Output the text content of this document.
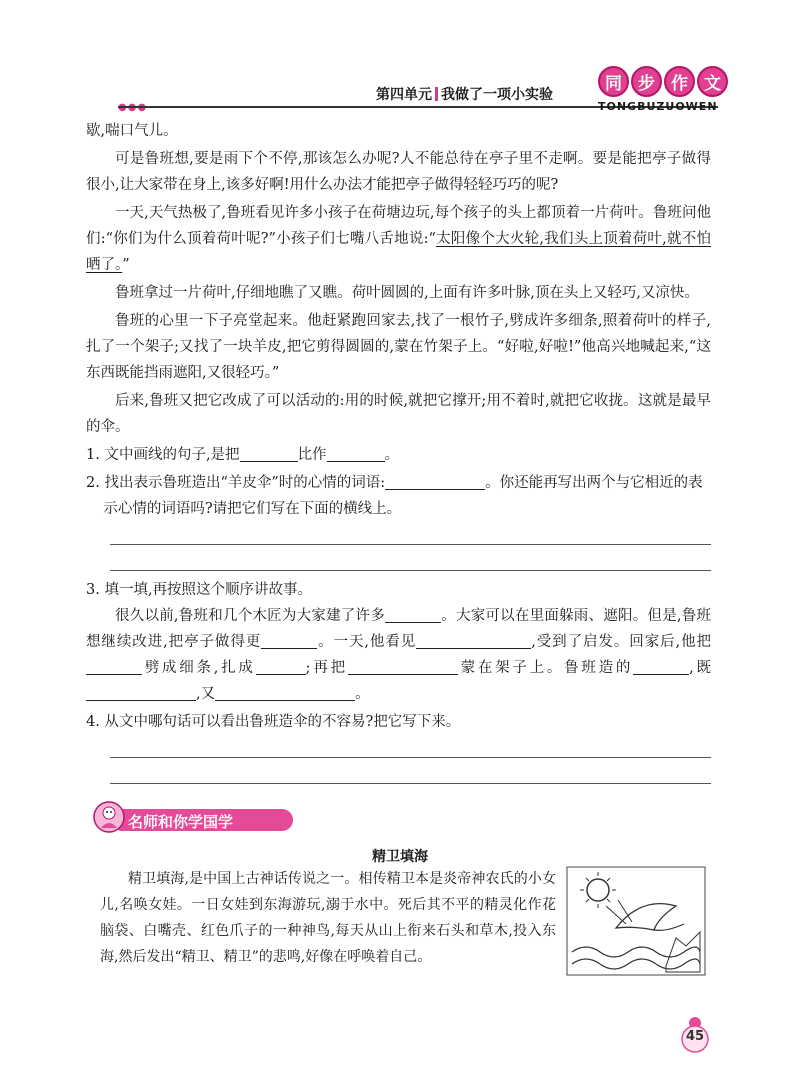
第四单元 我做了一项小实验
同 步 作 文
TONGBUZUOWEN

歇,喘口气儿。

可是鲁班想,要是雨下个不停,那该怎么办呢?人不能总待在亭子里不走啊。要是能把亭子做得很小,让大家带在身上,该多好啊!用什么办法才能把亭子做得轻轻巧巧的呢?

一天,天气热极了,鲁班看见许多小孩子在荷塘边玩,每个孩子的头上都顶着一片荷叶。鲁班问他们:“你们为什么顶着荷叶呢?”小孩子们七嘴八舌地说:“太阳像个大火轮,我们头上顶着荷叶,就不怕晒了。”

鲁班拿过一片荷叶,仔细地瞧了又瞧。荷叶圆圆的,上面有许多叶脉,顶在头上又轻巧,又凉快。

鲁班的心里一下子亮堂起来。他赶紧跑回家去,找了一根竹子,劈成许多细条,照着荷叶的样子,扎了一个架子;又找了一块羊皮,把它剪得圆圆的,蒙在竹架子上。“好啦,好啦!”他高兴地喊起来,“这东西既能挡雨遮阳,又很轻巧。”

后来,鲁班又把它改成了可以活动的:用的时候,就把它撑开;用不着时,就把它收拢。这就是最早的伞。

1. 文中画线的句子,是把	比作	。

2. 找出表示鲁班造出“羊皮伞”时的心情的词语:	。你还能再写出两个与它相近的表示心情的词语吗?请把它们写在下面的横线上。

3. 填一填,再按照这个顺序讲故事。

很久以前,鲁班和几个木匠为大家建了许多	。大家可以在里面躲雨、遮阳。但是,鲁班想继续改进,把亭子做得更	。一天,他看见	,受到了启发。回家后,他把劈成细条,扎成	;再把	蒙在架子上。鲁班造的	,既,又	。

4. 从文中哪句话可以看出鲁班造伞的不容易?把它写下来。

名师和你学国学
精卫填海

精卫填海,是中国上古神话传说之一。相传精卫本是炎帝神农氏的小女儿,名唤女娃。一日女娃到东海游玩,溺于水中。死后其不平的精灵化作花脑袋、白嘴壳、红色爪子的一种神鸟,每天从山上衔来石头和草木,投入东海,然后发出“精卫、精卫”的悲鸣,好像在呼唤着自己。

45
